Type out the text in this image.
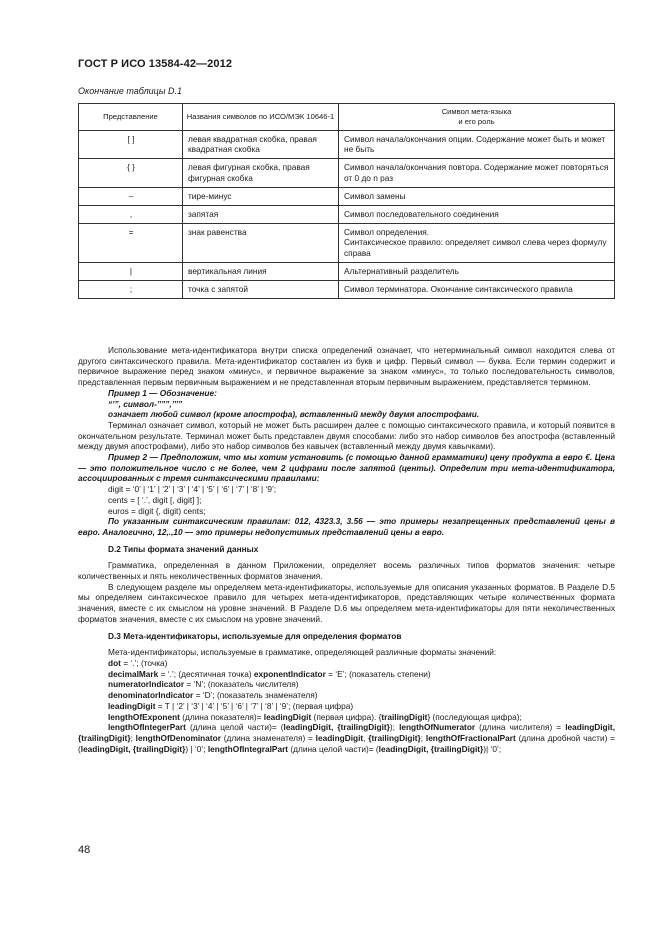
ГОСТ Р ИСО 13584-42—2012
Окончание таблицы D.1
Представление	Названия символов по ИСО/МЭК 10646-1	Символ мета-языка
и его роль
[ ]	левая квадратная скобка, правая квадратная скобка	Символ начала/окончания опции. Содержание может быть и может не быть
{ }	левая фигурная скобка, правая фигурная скобка	Символ начала/окончания повтора. Содержание может повторяться от 0 до n раз
–	тире-минус	Символ замены
,	запятая	Символ последовательного соединения
=	знак равенства	Символ определения.
Синтаксическое правило: определяет символ слева через формулу справа
|	вертикальная линия	Альтернативный разделитель
;	точка с запятой	Символ терминатора. Окончание синтаксического правила

Использование мета-идентификатора внутри списка определений означает, что нетерминальный символ находится слева от другого синтаксического правила. Мета-идентификатор составлен из букв и цифр. Первый символ — буква. Если термин содержит и первичное выражение перед знаком «минус», и первичное выражение за знаком «минус», то только последовательность символов, представленная первым первичным выражением и не представленная вторым первичным выражением, представляется термином.

Пример 1 — Обозначение:

“’”, символ-’’””,’’’”

означает любой символ (кроме апострофа), вставленный между двумя апострофами.

Терминал означает символ, который не может быть расширен далее с помощью синтаксического правила, и который появится в окончательном результате. Терминал может быть представлен двумя способами: либо это набор символов без апострофа (вставленный между двумя апострофами), либо это набор символов без кавычек (вставленный между двумя кавычками).

Пример 2 — Предположим, что мы хотим установить (с помощью данной грамматики) цену продукта в евро €. Цена — это положительное число с не более, чем 2 цифрами после запятой (центы). Определим три мета-идентификатора, ассоциированных с тремя синтаксическими правилами:

digit = ‘0’ | ‘1’ | ‘2’ | ‘3’ | ‘4’ | ‘5’ | ‘6’ | ‘7’ | ‘8’ | ‘9’;

cents = [ ‘.’, digit [, digit] ];

euros = digit {, digit) cents;

По указанным синтаксическим правилам: 012, 4323.3, 3.56 — это примеры незапрещенных представлений цены в евро. Аналогично, 12,.,10 — это примеры недопустимых представлений цены в евро.

D.2 Типы формата значений данных

Грамматика, определенная в данном Приложении, определяет восемь различных типов форматов значения: четыре количественных и пять неколичественных форматов значения.

В следующем разделе мы определяем мета-идентификаторы, используемые для описания указанных форматов. В Разделе D.5 мы определяем синтаксическое правило для четырех мета-идентификаторов, представляющих четыре количественных формата значения, вместе с их смыслом на уровне значений. В Разделе D.6 мы определяем мета-идентификаторы для пяти неколичественных форматов значения, вместе с их смыслом на уровне значений.

D.3 Мета-идентификаторы, используемые для определения форматов

Мета-идентификаторы, используемые в грамматике, определяющей различные форматы значений:

dot = ‘.’; (точка)

decimalMark = ‘.’; (десятичная точка) exponentIndicator = ‘E’; (показатель степени)

numeratorIndicator = ‘N’; (показатель числителя)

denominatorIndicator = ‘D’; (показатель знаменателя)

leadingDigit = T | ‘2’ | ‘3’ | ‘4’ | ‘5’ | ‘6’ | ‘7’ | ‘8’ | ‘9’; (первая цифра)

lengthOfExponent (длина показателя)= leadingDigit (первая цифра). {trailingDigit} (последующая цифра);

lengthOfIntegerPart (длина целой части)= (leadingDigit, {trailingDigit}); lengthOfNumerator (длина числителя) = leadingDigit, {trailingDigit}; lengthOfDenominator (длина знаменателя) = leadingDigit, {trailingDigit}; lengthOfFractionalPart (длина дробной части) = (leadingDigit, {trailingDigit}) | ‘0’; lengthOfIntegralPart (длина целой части)= (leadingDigit, {trailingDigit})| ‘0’;

48
